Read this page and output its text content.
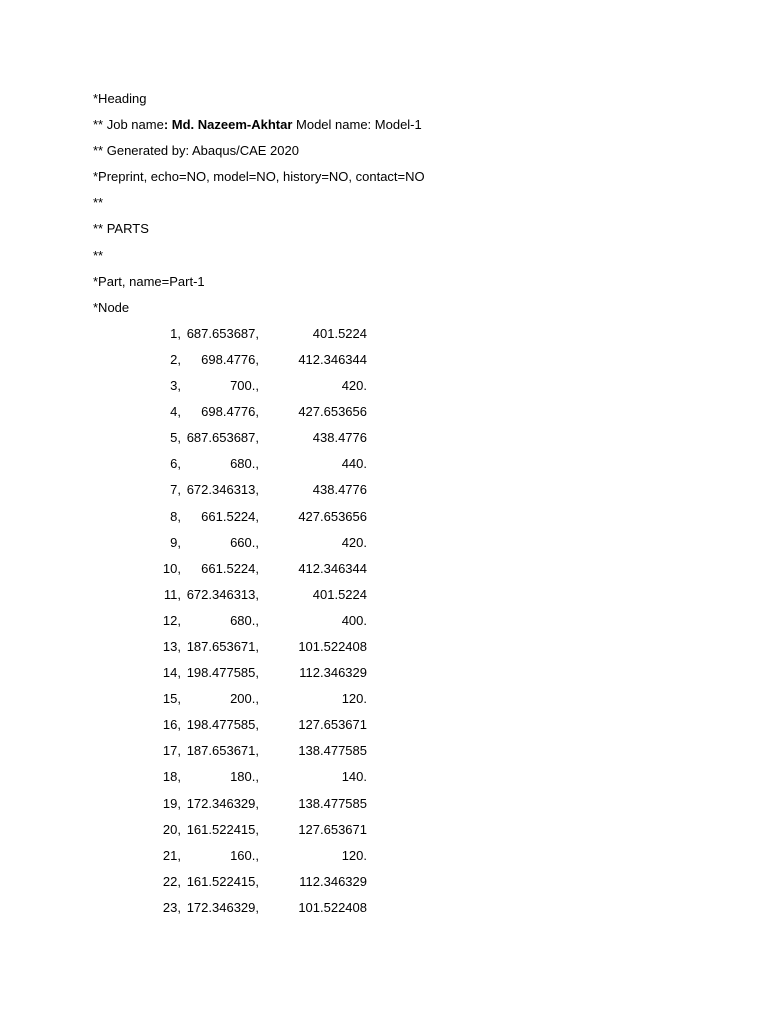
*Heading
** Job name: Md. Nazeem-Akhtar Model name: Model-1
** Generated by: Abaqus/CAE 2020
*Preprint, echo=NO, model=NO, history=NO, contact=NO
**
** PARTS
**
*Part, name=Part-1
*Node
1, 687.653687,	401.5224
2, 698.4776,	412.346344
3,	700.,	420.
4, 698.4776,	427.653656
5, 687.653687,	438.4776
6,	680.,	440.
7, 672.346313,	438.4776
8, 661.5224,	427.653656
9,	660.,	420.
10, 661.5224,	412.346344
11, 672.346313,	401.5224
12,	680.,	400.
13, 187.653671,	101.522408
14, 198.477585,	112.346329
15,	200.,	120.
16, 198.477585,	127.653671
17, 187.653671,	138.477585
18,	180.,	140.
19, 172.346329,	138.477585
20, 161.522415,	127.653671
21,	160.,	120.
22, 161.522415,	112.346329
23, 172.346329,	101.522408
